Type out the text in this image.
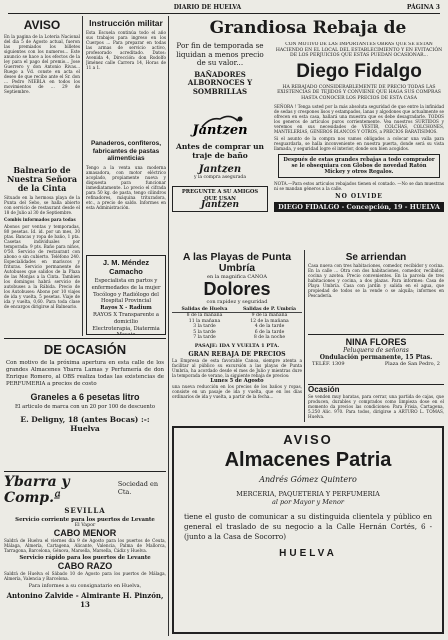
DIARIO DE HUELVA	PÁGINA 3
AVISO
En la pagina de la Loteria Nacional del dia 5 de Agosto actual, fueron las premiados los billetes siguientes con los numeros... Este anuncio se hace a los efectos de la ley para el pago del premio... Jose Guerrero y don Antonio Rivas... Ruego a Vd. conste en acta el deseo de que recibo ante el Sr. don ... Pedro NIEBLA en todos los movimientos de ... 29 de Septiembre.
Balneario de Nuestra Señora de la Cinta
Situado en la hermosa playa de la Punta del Sebo, se halla abierto con servicio de restaurant desde el 18 de Julio al 30 de Septiembre.
Combis informados para todas
Abonos por ventas y temporadas, 80 pesetas. Id. id. por un mes, 30 ptas. Bancas y ropa de baño, 1 pta. Casetas individuales por temporada: 9 pts. Baño para niños, 0'50. Servicio de restaurant con abono o sin cubierto. Teléfono 240. Especialidades en mariscos y frituras. Servicio permanente de Autobuses que salidos de la Plaza de las Monjas a la Cinta. Tambien los domingos habrá servicio de autobuses a la Rábida. Precio de los Autobuses: Abono por 10 viajes de ida y vuelta, 5 pesetas. Viaje de ida y vuelta, 0,60. Para toda clase de encargos dirigirse al Balneario.
Instrucción militar
Esta Escuela continúa todo el año sus trabajos para ingreso en los Cuerpos ... Para preparar en todas las armas de servicio activo, profesorado acreditado. Datos: Avenida 4, Dirección: don Rodolfo Jiménez calle Carrera 14, Horas de 11 a 1.
Panaderos, confiteros, fabricantes de pastas alimenticias
Tengo a la venta una moderna amasadora, con motor eléctrico acoplado, propiamente nueva y dispuesta para funcionar inmediatamente. Lo precio el cifrada para 50 kg. de pasta, tengo cilindros refinadores, máquina trituradora, etc., a precio de saldo. Informes en esta Administración.
J. M. Méndez Camacho
Especialista en partos y enfermedades de la mujer
Tocólogo y Radiólogo del Hospital Provincial
Rayos X - Radium
RAYOS X Transparente a domicilio
Electroterapia, Diatermia
DE OCASIÓN
Con motivo de la próxima apertura en esta calle de los grandes Almacenes Ybarra Lamas y Perfumería de don Enrique Romero, al OBS realiza todas las existencias de PERFUMERIA a precios de costo
Graneles a 6 pesetas litro
El articulo de marca con un 20 por 100 de descuento
E. Deligny, 18 (antes Bocas) :-: Huelva
Ybarra y Comp.ª
Sociedad en Cta.
SEVILLA
Servicio corriente para los puertos de Levante
El Vapor
CABO MENOR
Saldrá de Huelva el viernes día 9 de Agosto para los puertos de Ceuta, Málaga, Almería, Cartagena, Alicante, Valencia, Palma de Mallorca, Tarragona, Barcelona, Génova, Marsella, Marsella, Cádiz y Huelva.
Servicio rápido para los puertos de Levante
CABO RAZO
Saldrá de Huelva el Sábado 10 de Agosto para los puertos de Málaga, Almería, Valencia y Barcelona.
Para informes a su consignatario en Huelva,
Antonino Zalvide - Almirante H. Pinzón, 13
Grandiosa Rebaja de
Por fin de temporada se liquidan a menos precio de su valor...
BAÑADORES ALBORNOCES Y SOMBRILLAS
Jantzen
Antes de comprar un traje de baño
Jantzen
y la compra asegurada
PREGUNTE A SU AMIGOS QUE USAN
Jantzen
CON MOTIVO DE LAS IMPORTANTES OBRAS QUE SE ESTAN HACIENDO EN EL LOCAL DEL ESTABLECIMIENTO Y EN EVITACIÓN DE LOS PERJUICIOS QUE ESTAS PUEDAN OCASIONAR...
Diego Fidalgo
HA REBAJADO CONSIDERABLEMENTE DE PRECIO TODAS LAS EXISTENCIAS DE TEJIDOS Y CONVIENE QUE HAGA SUS COMPRAS HASTA CONOCER LOS PRECIOS DE ESTA CASA
SEÑORA ! Tenga usted por la más absoluta seguridad de que entre la infinidad de sedas y crespones lisos y estampados, lanas y algodones que actualmente se ofrecen en esta casa, hallará una muestra que es debe desagradarle. TODOS los generos de artículos puros corrientemente. Vea nuestros SURTIDOS y veremos en sus necesidades de VESTIR, COLCHAS, COLCHONES, MANTELERIAS, GENEROS BLANCOS Y OTROS, a PRECIOS BARATISIMOS.
Si el asunto de la compra nos vamos obligados a colocar una valla para resguardarla, se halla inconveniente en nuestra puerta, donde será su vista llamada, y seguridad logre el interior, donde son bien acogidos.
Después de estas grandes rebajas a todo comprador se le obsequiara con Globos de novedad Ratón Mickey y otros Regalos.
NOTA.—Para estos articulos rebajados tienen el contado. —No se dan muestras ni se mandan géneros a la calle.
NO OLVIDE
DIEGO FIDALGO - Concepción, 19 - HUELVA
A las Playas de Punta Umbría
en la magnifica CANOA
Dolores
con rapidez y seguridad
Salidas de Huelva	Salidas de P. Umbría
8 de la mañana	9 de la mañana
11 la mañana	12 de la mañana
3 la tarde	4 de la tarde
5 la tarde	6 de la tarde
7 la tarde	8 de la noche
PASAJE: IDA Y VUELTA 1 PTA.
GRAN REBAJA DE PRECIOS
La Empresa de esta favorable Canoa, siempre atenta a facilitar al público su excursión a las playas de Punta Umbría, ha acordado desde el mes de Julio y mientras dure la temporada de verano, la siguiente rebaja de precios:
Lunes 5 de Agosto
una nueva reducción en los precios de los baños y ropas, consiste en un pasaje de ida y vuelta, que en los días ordinarios de ida y vuelta, a partir de la fecha...
Se arriendan
Casa nueva con tres habitaciones, comedor, recibidor y cocina. En la calle ... Otra con dos habitaciones, comedor, recibidor, cocina y azotea. Precio convenientes. En la parcela de tres habitaciones y cocina, a dos plazas. Para informes: Casa de Playa Umbría. Casa con jardín y salida en el agua, que propiedad de todos se la vende o se alquila; informes en Pescadería.
NINA FLORES
Peluquera de señoras
Ondulación permanente, 15 Ptas.
TELÉF. 1309	Plaza de San Pedro, 2
Ocasión
Se venden muy baratas, para cerrar, una partida de cajas, que producen, durables y comprados como limpieza dose en el momento da precios las condiciones: Para Frisia, Cartagena, 5.250 Alic. 970. Para todos, dirigirse a ARTURO L. TOMAS, Huelva.
AVISO
Almacenes Patria
Andrés Gómez Quintero
MERCERIA, PAQUETERIA Y PERFUMERIA
al por Mayor y Menor
tiene el gusto de comunicar a su distinguida clientela y público en general el traslado de su negocio a la Calle Hernán Cortés, 6 - (junto a la Casa de Socorro)
HUELVA
